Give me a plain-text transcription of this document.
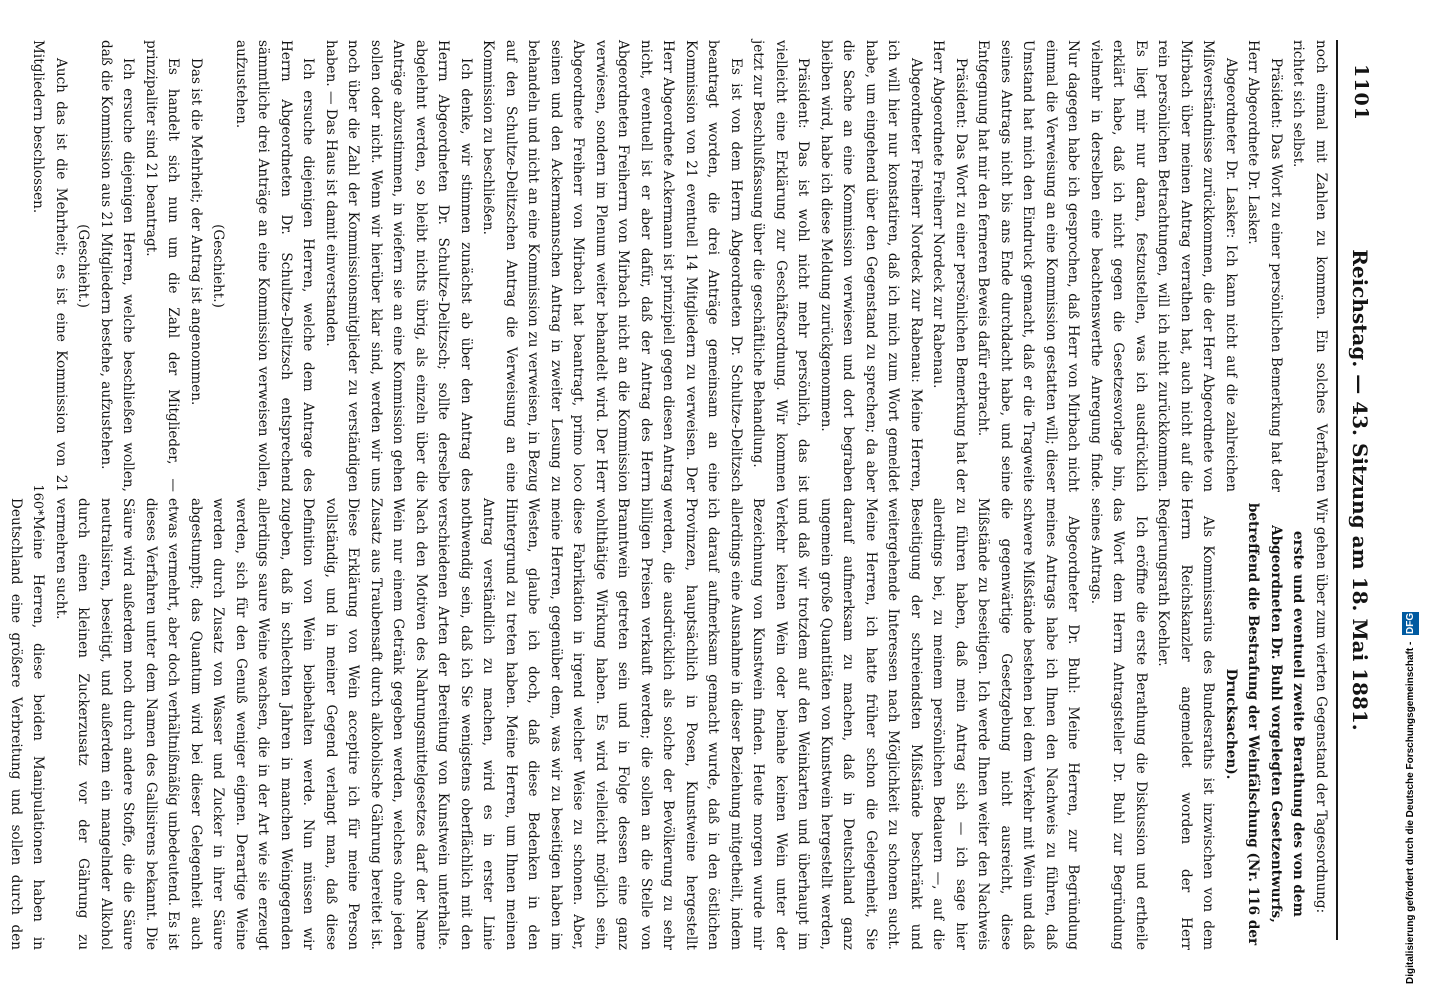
1101
Reichstag. — 43. Sitzung am 18. Mai 1881.

Wir gehen über zum vierten Gegenstand der Tagesordnung:

erste und eventuell zweite Berathung des von dem Abgeordneten Dr. Buhl vorgelegten Gesetzentwurfs, betreffend die Bestrafung der Weinfälschung (Nr. 116 der Drucksachen).

Als Kommissarius des Bundesraths ist inzwischen von dem Herrn Reichskanzler angemeldet worden der Herr Regierungsrath Koehler.

Ich eröffne die erste Berathung die Diskussion und ertheile das Wort dem Herrn Antragsteller Dr. Buhl zur Begründung seines Antrags.

Abgeordneter Dr. Buhl: Meine Herren, zur Begründung meines Antrags habe ich Ihnen den Nachweis zu führen, daß schwere Mißstände bestehen bei dem Verkehr mit Wein und daß die gegenwärtige Gesetzgebung nicht ausreicht, diese Mißstände zu beseitigen. Ich werde Ihnen weiter den Nachweis zu führen haben, daß mein Antrag sich — ich sage hier allerdings bei, zu meinem persönlichen Bedauern —, auf die Beseitigung der schreiendsten Mißstände beschränkt und weitergehende Interessen nach Möglichkeit zu schonen sucht. Meine Herren, ich hatte früher schon die Gelegenheit, Sie darauf aufmerksam zu machen, daß in Deutschland ganz ungemein große Quantitäten von Kunstwein hergestellt werden, und daß wir trotzdem auf den Weinkarten und überhaupt im Verkehr keinen Wein oder beinahe keinen Wein unter der Bezeichnung von Kunstwein finden. Heute morgen wurde mir allerdings eine Ausnahme in dieser Beziehung mitgetheilt, indem ich darauf aufmerksam gemacht wurde, daß in den östlichen Provinzen, hauptsächlich in Posen, Kunstweine hergestellt werden, die ausdrücklich als solche der Bevölkerung zu sehr billigen Preisen verkauft werden; die sollen an die Stelle von Branntwein getreten sein und in Folge dessen eine ganz wohlthätige Wirkung haben. Es wird vielleicht möglich sein, diese Fabrikation in irgend welcher Weise zu schonen. Aber, meine Herren, gegenüber dem, was wir zu beseitigen haben im Westen, glaube ich doch, daß diese Bedenken in den Hintergrund zu treten haben. Meine Herren, um Ihnen meinen Antrag verständlich zu machen, wird es in erster Linie nothwendig sein, daß ich Sie wenigstens oberflächlich mit den verschiedenen Arten der Bereitung von Kunstwein unterhalte. Nach den Motiven des Nahrungsmittelgesetzes darf der Name Wein nur einem Getränk gegeben werden, welches ohne jeden Zusatz aus Traubensaft durch alkoholische Gährung bereitet ist. Diese Erklärung von Wein acceptire ich für meine Person vollständig, und in meiner Gegend verlangt man, daß diese Definition von Wein beibehalten werde. Nun müssen wir zugeben, daß in schlechten Jahren in manchen Weingegenden allerdings saure Weine wachsen, die in der Art wie sie erzeugt werden, sich für den Genuß weniger eignen. Derartige Weine werden durch Zusatz von Wasser und Zucker in ihrer Säure abgestumpft; das Quantum wird bei dieser Gelegenheit auch etwas vermehrt, aber doch verhältnißmäßig unbedeutend. Es ist dieses Verfahren unter dem Namen des Gallisirens bekannt. Die Säure wird außerdem noch durch andere Stoffe, die die Säure neutralisiren, beseitigt, und außerdem ein mangelnder Alkohol durch einen kleinen Zuckerzusatz vor der Gährung zu vermehren sucht.

Meine Herren, diese beiden Manipulationen haben in Deutschland eine größere Verbreitung und sollen durch den

noch einmal mit Zahlen zu kommen. Ein solches Verfahren richtet sich selbst.

Präsident: Das Wort zu einer persönlichen Bemerkung hat der Herr Abgeordnete Dr. Lasker.

Abgeordneter Dr. Lasker: Ich kann nicht auf die zahlreichen Mißverständnisse zurückkommen, die der Herr Abgeordnete von Mirbach über meinen Antrag verrathen hat, auch nicht auf die rein persönlichen Betrachtungen, will ich nicht zurückkommen. Es liegt mir nur daran, festzustellen, was ich ausdrücklich erklärt habe, daß ich nicht gegen die Gesetzesvorlage bin, vielmehr in derselben eine beachtenswerthe Anregung finde. Nur dagegen habe ich gesprochen, daß Herr von Mirbach nicht einmal die Verweisung an eine Kommission gestatten will; dieser Umstand hat mich den Eindruck gemacht, daß er die Tragweite seines Antrags nicht bis ans Ende durchdacht habe, und seine Entgegnung hat mir den ferneren Beweis dafür erbracht.

Präsident: Das Wort zu einer persönlichen Bemerkung hat der Herr Abgeordnete Freiherr Nordeck zur Rabenau.

Abgeordneter Freiherr Nordeck zur Rabenau: Meine Herren, ich will hier nur konstatiren, daß ich mich zum Wort gemeldet habe, um eingehend über den Gegenstand zu sprechen; da aber die Sache an eine Kommission verwiesen und dort begraben bleiben wird, habe ich diese Meldung zurückgenommen.

Präsident: Das ist wohl nicht mehr persönlich, das ist vielleicht eine Erklärung zur Geschäftsordnung. Wir kommen jetzt zur Beschlußfassung über die geschäftliche Behandlung.

Es ist von dem Herrn Abgeordneten Dr. Schultze-Delitzsch beantragt worden, die drei Anträge gemeinsam an eine Kommission von 21 eventuell 14 Mitgliedern zu verweisen. Der Herr Abgeordnete Ackermann ist prinzipiell gegen diesen Antrag nicht, eventuell ist er aber dafür, daß der Antrag des Herrn Abgeordneten Freiherrn von Mirbach nicht an die Kommission verwiesen, sondern im Plenum weiter behandelt wird. Der Herr Abgeordnete Freiherr von Mirbach hat beantragt, primo loco seinen und den Ackermannschen Antrag in zweiter Lesung zu behandeln und nicht an eine Kommission zu verweisen, in Bezug auf den Schultze-Delitzschen Antrag die Verweisung an eine Kommission zu beschließen.

Ich denke, wir stimmen zunächst ab über den Antrag des Herrn Abgeordneten Dr. Schultze-Delitzsch; sollte derselbe abgelehnt werden, so bleibt nichts übrig, als einzeln über die Anträge abzustimmen, in wiefern sie an eine Kommission gehen sollen oder nicht. Wenn wir hierüber klar sind, werden wir uns noch über die Zahl der Kommissionsmitglieder zu verständigen haben. — Das Haus ist damit einverstanden.

Ich ersuche diejenigen Herren, welche dem Antrage des Herrn Abgeordneten Dr. Schultze-Delitzsch entsprechend sämmtliche drei Anträge an eine Kommission verweisen wollen, aufzustehen.

(Geschieht.)

Das ist die Mehrheit; der Antrag ist angenommen.

Es handelt sich nun um die Zahl der Mitglieder, — prinzipaliter sind 21 beantragt.

Ich ersuche diejenigen Herren, welche beschließen wollen, daß die Kommission aus 21 Mitgliedern bestehe, aufzustehen.

(Geschieht.)

Auch das ist die Mehrheit; es ist eine Kommission von 21 Mitgliedern beschlossen.

160*
Digitalisierung gefördert durch die Deutsche Forschungsgemeinschaft - DFG
